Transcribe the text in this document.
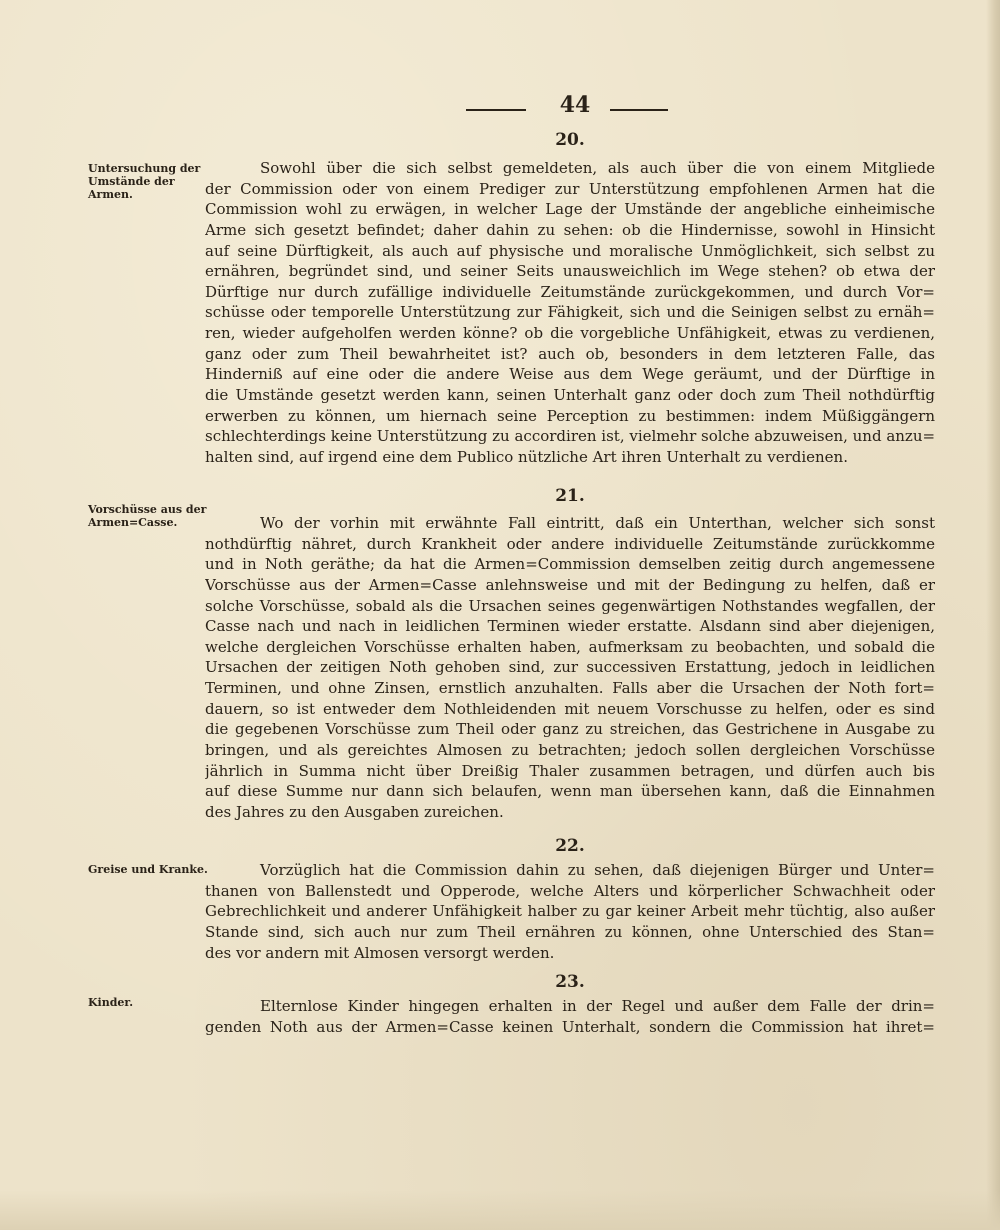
44
20.
Untersuchung der Umstände der Armen.
Sowohl über die sich selbst gemeldeten, als auch über die von einem Mitgliede
der Commission oder von einem Prediger zur Unterstützung empfohlenen Armen hat die
Commission wohl zu erwägen, in welcher Lage der Umstände der angebliche einheimische
Arme sich gesetzt befindet; daher dahin zu sehen: ob die Hindernisse, sowohl in Hinsicht
auf seine Dürftigkeit, als auch auf physische und moralische Unmöglichkeit, sich selbst zu
ernähren, begründet sind, und seiner Seits unausweichlich im Wege stehen? ob etwa der
Dürftige nur durch zufällige individuelle Zeitumstände zurückgekommen, und durch Vor=
schüsse oder temporelle Unterstützung zur Fähigkeit, sich und die Seinigen selbst zu ernäh=
ren, wieder aufgeholfen werden könne? ob die vorgebliche Unfähigkeit, etwas zu verdienen,
ganz oder zum Theil bewahrheitet ist? auch ob, besonders in dem letzteren Falle, das
Hinderniß auf eine oder die andere Weise aus dem Wege geräumt, und der Dürftige in
die Umstände gesetzt werden kann, seinen Unterhalt ganz oder doch zum Theil nothdürftig
erwerben zu können, um hiernach seine Perception zu bestimmen: indem Müßiggängern
schlechterdings keine Unterstützung zu accordiren ist, vielmehr solche abzuweisen, und anzu=
halten sind, auf irgend eine dem Publico nützliche Art ihren Unterhalt zu verdienen.
21.
Vorschüsse aus der Armen=Casse.	Wo der vorhin mit erwähnte Fall eintritt, daß ein Unterthan, welcher sich sonst
nothdürftig nähret, durch Krankheit oder andere individuelle Zeitumstände zurückkomme
und in Noth geräthe; da hat die Armen=Commission demselben zeitig durch angemessene
Vorschüsse aus der Armen=Casse anlehnsweise und mit der Bedingung zu helfen, daß er
solche Vorschüsse, sobald als die Ursachen seines gegenwärtigen Nothstandes wegfallen, der
Casse nach und nach in leidlichen Terminen wieder erstatte. Alsdann sind aber diejenigen,
welche dergleichen Vorschüsse erhalten haben, aufmerksam zu beobachten, und sobald die
Ursachen der zeitigen Noth gehoben sind, zur successiven Erstattung, jedoch in leidlichen
Terminen, und ohne Zinsen, ernstlich anzuhalten. Falls aber die Ursachen der Noth fort=
dauern, so ist entweder dem Nothleidenden mit neuem Vorschusse zu helfen, oder es sind
die gegebenen Vorschüsse zum Theil oder ganz zu streichen, das Gestrichene in Ausgabe zu
bringen, und als gereichtes Almosen zu betrachten; jedoch sollen dergleichen Vorschüsse
jährlich in Summa nicht über Dreißig Thaler zusammen betragen, und dürfen auch bis
auf diese Summe nur dann sich belaufen, wenn man übersehen kann, daß die Einnahmen
des Jahres zu den Ausgaben zureichen.
22.
Greise und Kranke.	Vorzüglich hat die Commission dahin zu sehen, daß diejenigen Bürger und Unter=
thanen von Ballenstedt und Opperode, welche Alters und körperlicher Schwachheit oder
Gebrechlichkeit und anderer Unfähigkeit halber zu gar keiner Arbeit mehr tüchtig, also außer
Stande sind, sich auch nur zum Theil ernähren zu können, ohne Unterschied des Stan=
des vor andern mit Almosen versorgt werden.
23.
Kinder.	Elternlose Kinder hingegen erhalten in der Regel und außer dem Falle der drin=
genden Noth aus der Armen=Casse keinen Unterhalt, sondern die Commission hat ihret=
